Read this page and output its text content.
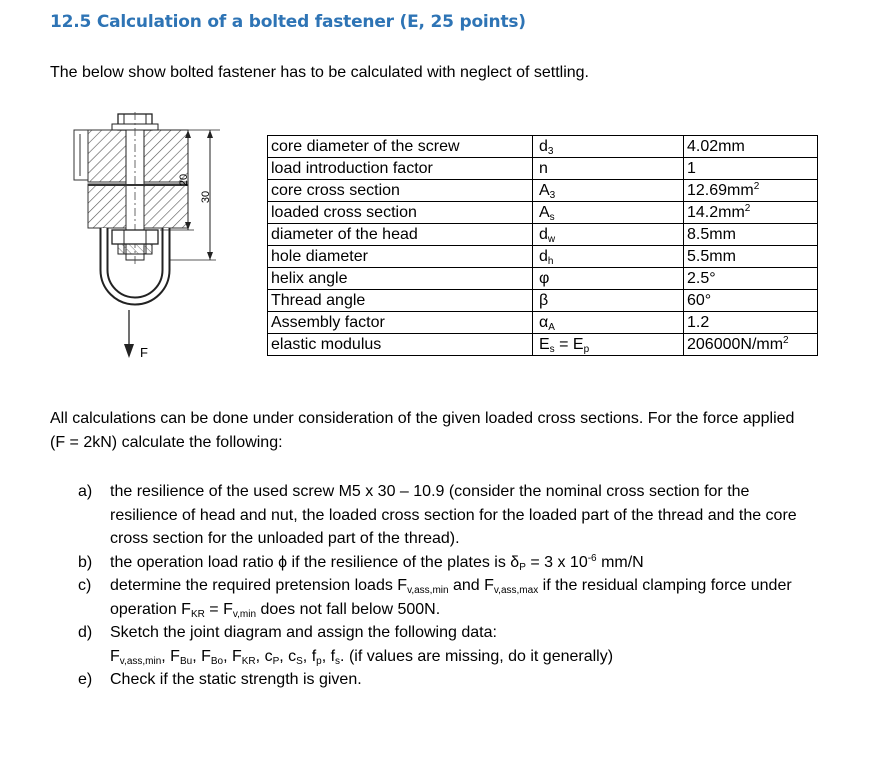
12.5 Calculation of a bolted fastener (E, 25 points)
The below show bolted fastener has to be calculated with neglect of settling.
20
30
F
core diameter of the screw	$d_3$	4.02mm
load introduction factor	n	1
core cross section	$A_3$	$12.69mm^2$
loaded cross section	$A_s$	$14.2mm^2$
diameter of the head	$d_w$	8.5mm
hole diameter	$d_h$	5.5mm
helix angle	φ	2.5°
Thread angle	β	60°
Assembly factor	$\alpha_A$	1.2
elastic modulus	$E_s = E_p$	$206000N/mm^2$
All calculations can be done under consideration of the given loaded cross sections. For the force applied (F = 2kN) calculate the following:
a) the resilience of the used screw M5 x 30 – 10.9 (consider the nominal cross section for the resilience of head and nut, the loaded cross section for the loaded part of the thread and the core cross section for the unloaded part of the thread).
b) the operation load ratio ϕ if the resilience of the plates is $\delta_P = 3$ x $10^{-6}$ mm/N
c) determine the required pretension loads $F_{v,ass,min}$ and $F_{v,ass,max}$ if the residual clamping force under operation $F_{KR} = F_{v,min}$ does not fall below 500N.
d) Sketch the joint diagram and assign the following data:
$F_{v,ass,min}$, $F_{Bu}$, $F_{Bo}$, $F_{KR}$, $c_P$, $c_S$, $f_p$, $f_s$. (if values are missing, do it generally)
e) Check if the static strength is given.
